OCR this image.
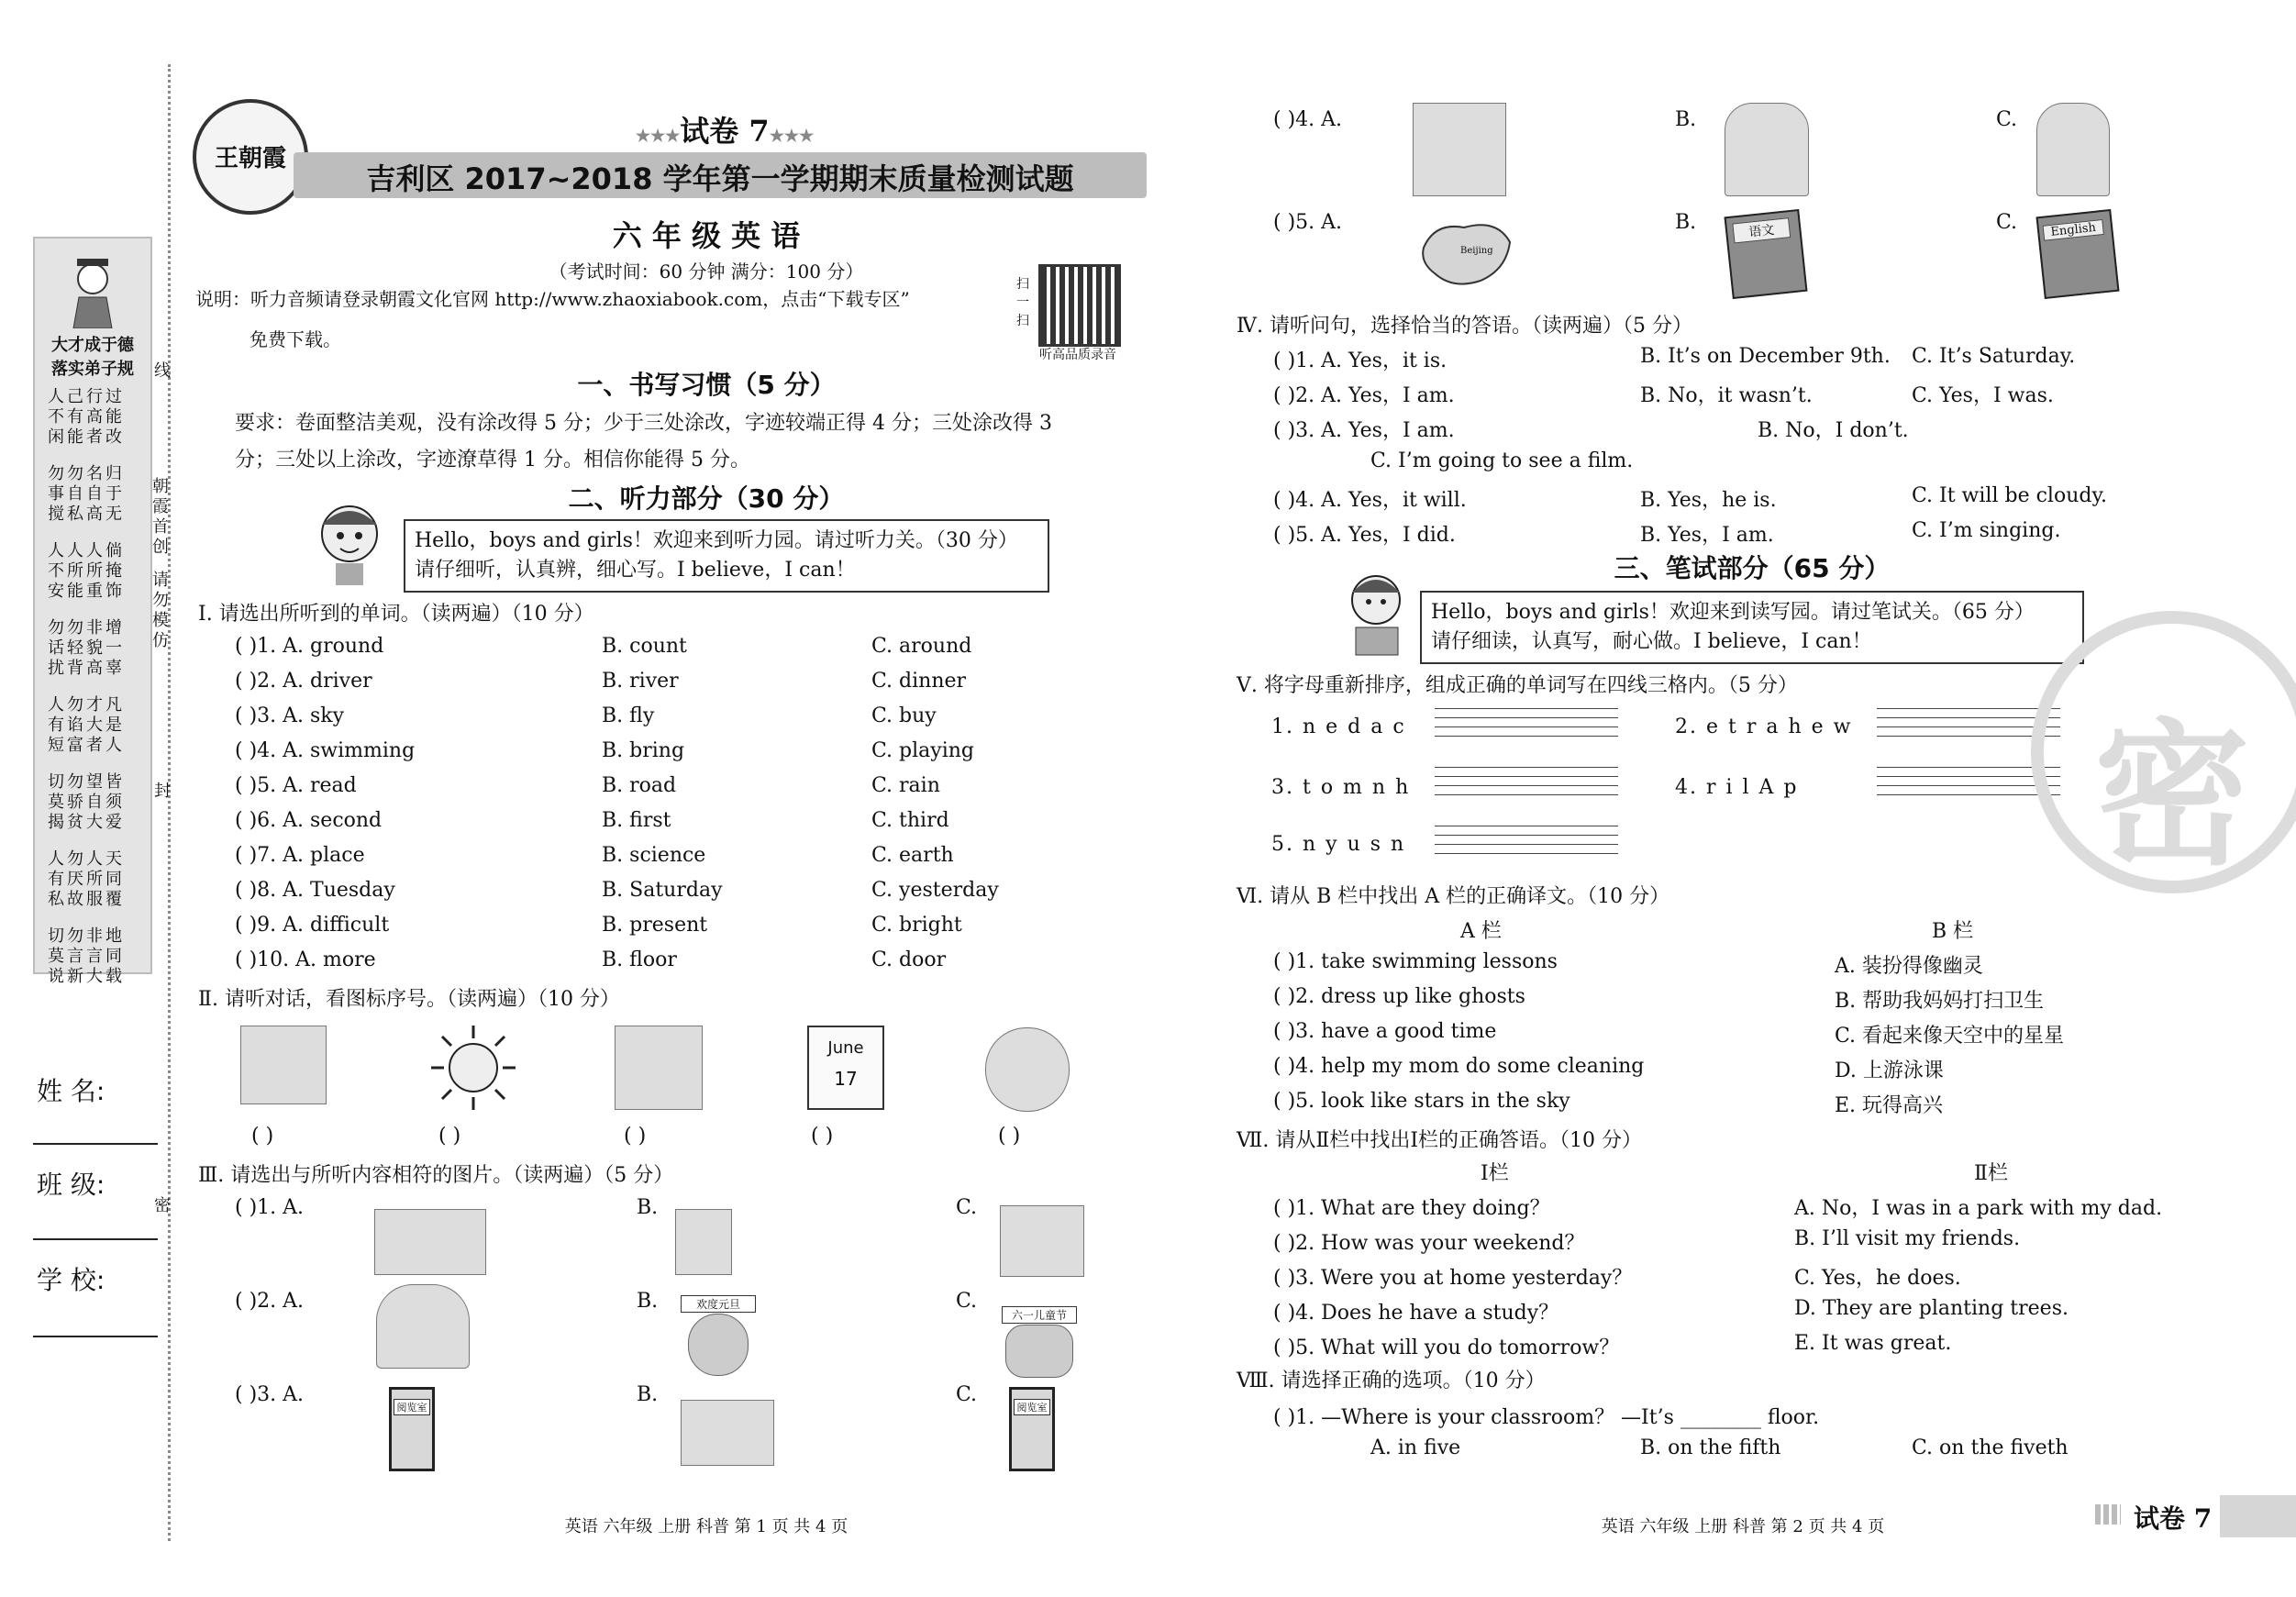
大才成于德
落实弟子规
人己行过
不有高能
闲能者改
勿勿名归
事自自于
搅私高无
人人人倘
不所所掩
安能重饰
勿勿非增
话轻貌一
扰背高辜
人勿才凡
有谄大是
短富者人
切勿望皆
莫骄自须
揭贫大爱
人勿人天
有厌所同
私故服覆
切勿非地
莫言言同
说新大载
线
朝霞首创
请勿模仿
封
密
姓 名:
班 级:
学 校:
王朝霞
★★★试卷 7★★★
吉利区 2017~2018 学年第一学期期末质量检测试题
六 年 级 英 语
（考试时间：60 分钟 满分：100 分）
说明：听力音频请登录朝霞文化官网 http://www.zhaoxiabook.com，点击“下载专区”
免费下载。
扫一扫
听高品质录音
一、书写习惯（5 分）
要求：卷面整洁美观，没有涂改得 5 分；少于三处涂改，字迹较端正得 4 分；三处涂改得 3
分；三处以上涂改，字迹潦草得 1 分。相信你能得 5 分。
二、听力部分（30 分）
Hello，boys and girls！欢迎来到听力园。请过听力关。（30 分）
请仔细听，认真辨，细心写。I believe，I can！
Ⅰ. 请选出所听到的单词。（读两遍）（10 分）
( )1. A. ground	B. count	C. around
( )2. A. driver	B. river	C. dinner
( )3. A. sky	B. fly	C. buy
( )4. A. swimming	B. bring	C. playing
( )5. A. read	B. road	C. rain
( )6. A. second	B. first	C. third
( )7. A. place	B. science	C. earth
( )8. A. Tuesday	B. Saturday	C. yesterday
( )9. A. difficult	B. present	C. bright
( )10. A. more	B. floor	C. door
Ⅱ. 请听对话，看图标序号。（读两遍）（10 分）
June
17
( )	( )	( )	( )	( )
Ⅲ. 请选出与所听内容相符的图片。（读两遍）（5 分）
( )1. A.	B.	C.
( )2. A.	B.	C.
( )3. A.	B.	C.
欢度元旦
六一儿童节
阅览室	阅览室
英语 六年级 上册 科普 第 1 页 共 4 页
( )4. A.	B.	C.
( )5. A.	B.	C.
Beijing
语文	English
Ⅳ. 请听问句，选择恰当的答语。（读两遍）（5 分）
( )1. A. Yes，it is.	B. It’s on December 9th. C. It’s Saturday.
( )2. A. Yes，I am.	B. No，it wasn’t.	C. Yes，I was.
( )3. A. Yes，I am.	B. No，I don’t.
C. I’m going to see a film.
( )4. A. Yes，it will.	B. Yes，he is.	C. It will be cloudy.
( )5. A. Yes，I did.	B. Yes，I am.	C. I’m singing.
三、笔试部分（65 分）
Hello，boys and girls！欢迎来到读写园。请过笔试关。（65 分）
请仔细读，认真写，耐心做。I believe，I can！
Ⅴ. 将字母重新排序，组成正确的单词写在四线三格内。（5 分）
1. n e d a c	2. e t r a h e w
3. t o m n h	4. r i l A p
5. n y u s n	密
Ⅵ. 请从 B 栏中找出 A 栏的正确译文。（10 分）
A 栏	B 栏
( )1. take swimming lessons	A. 装扮得像幽灵
( )2. dress up like ghosts	B. 帮助我妈妈打扫卫生
( )3. have a good time	C. 看起来像天空中的星星
( )4. help my mom do some cleaning	D. 上游泳课
( )5. look like stars in the sky	E. 玩得高兴
Ⅶ. 请从Ⅱ栏中找出Ⅰ栏的正确答语。（10 分）
Ⅰ栏	Ⅱ栏
( )1. What are they doing？	A. No，I was in a park with my dad.
( )2. How was your weekend？	B. I’ll visit my friends.
( )3. Were you at home yesterday？	C. Yes，he does.
( )4. Does he have a study？	D. They are planting trees.
( )5. What will you do tomorrow？	E. It was great.
Ⅷ. 请选择正确的选项。（10 分）
( )1. —Where is your classroom？ —It’s ________ floor.
A. in five	B. on the fifth	C. on the fiveth
英语 六年级 上册 科普 第 2 页 共 4 页	试卷 7
